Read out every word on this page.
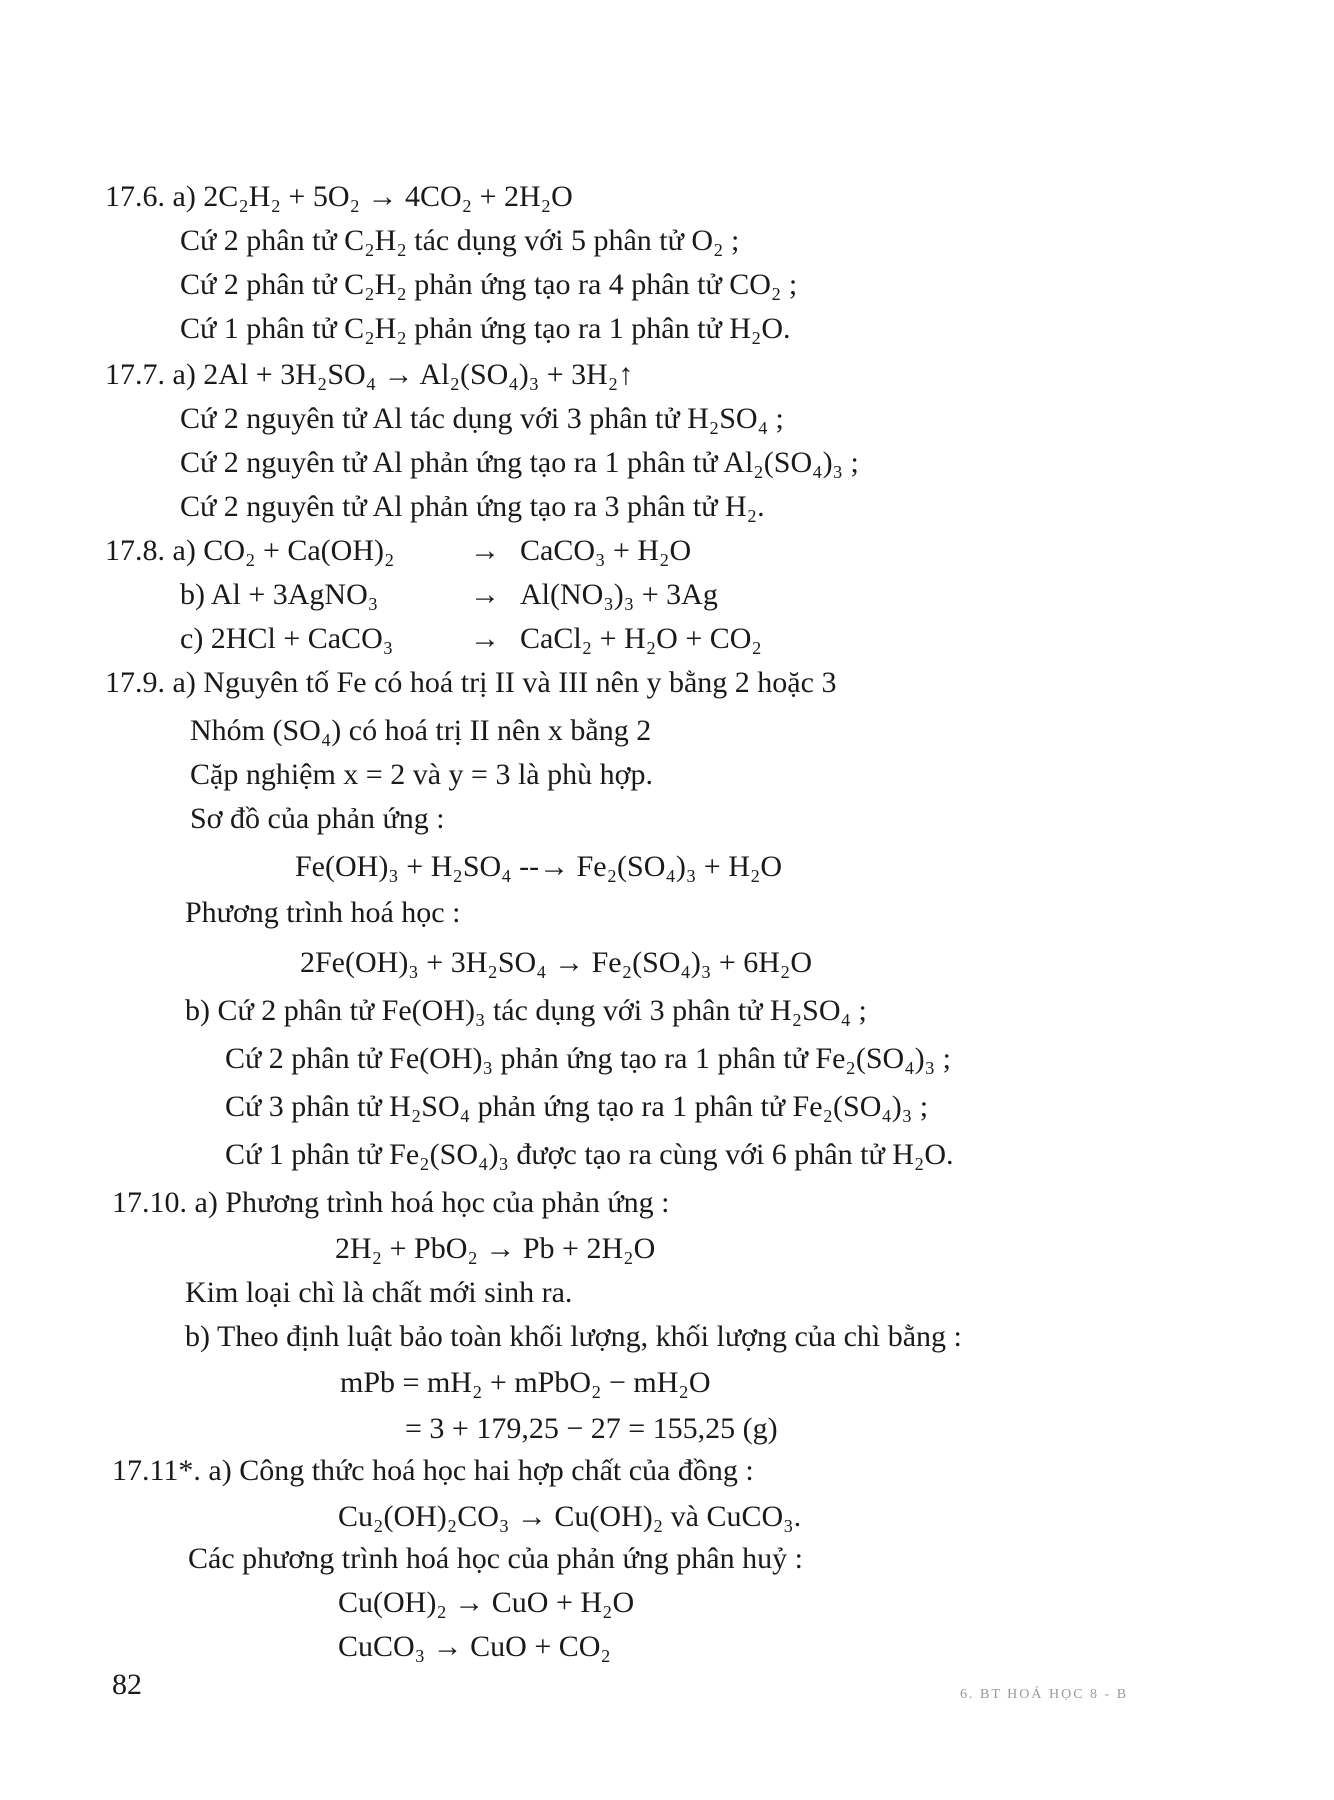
17.6. a) 2C₂H₂ + 5O₂ → 4CO₂ + 2H₂O
Cứ 2 phân tử C₂H₂ tác dụng với 5 phân tử O₂ ;
Cứ 2 phân tử C₂H₂ phản ứng tạo ra 4 phân tử CO₂ ;
Cứ 1 phân tử C₂H₂ phản ứng tạo ra 1 phân tử H₂O.
17.7. a) 2Al + 3H₂SO₄ → Al₂(SO₄)₃ + 3H₂↑
Cứ 2 nguyên tử Al tác dụng với 3 phân tử H₂SO₄ ;
Cứ 2 nguyên tử Al phản ứng tạo ra 1 phân tử Al₂(SO₄)₃ ;
Cứ 2 nguyên tử Al phản ứng tạo ra 3 phân tử H₂.
17.8. a) CO₂ + Ca(OH)₂	→ CaCO₃ + H₂O
b) Al + 3AgNO₃	→ Al(NO₃)₃ + 3Ag
c) 2HCl + CaCO₃	→ CaCl₂ + H₂O + CO₂
17.9. a) Nguyên tố Fe có hoá trị II và III nên y bằng 2 hoặc 3
Nhóm (SO₄) có hoá trị II nên x bằng 2
Cặp nghiệm x = 2 và y = 3 là phù hợp.
Sơ đồ của phản ứng :
Fe(OH)₃ + H₂SO₄ --→ Fe₂(SO₄)₃ + H₂O
Phương trình hoá học :
2Fe(OH)₃ + 3H₂SO₄ → Fe₂(SO₄)₃ + 6H₂O
b) Cứ 2 phân tử Fe(OH)₃ tác dụng với 3 phân tử H₂SO₄ ;
Cứ 2 phân tử Fe(OH)₃ phản ứng tạo ra 1 phân tử Fe₂(SO₄)₃ ;
Cứ 3 phân tử H₂SO₄ phản ứng tạo ra 1 phân tử Fe₂(SO₄)₃ ;
Cứ 1 phân tử Fe₂(SO₄)₃ được tạo ra cùng với 6 phân tử H₂O.
17.10. a) Phương trình hoá học của phản ứng :
2H₂ + PbO₂ → Pb + 2H₂O
Kim loại chì là chất mới sinh ra.
b) Theo định luật bảo toàn khối lượng, khối lượng của chì bằng :
mPb = mH₂ + mPbO₂ − mH₂O
= 3 + 179,25 − 27 = 155,25 (g)
17.11*. a) Công thức hoá học hai hợp chất của đồng :
Cu₂(OH)₂CO₃ → Cu(OH)₂ và CuCO₃.
Các phương trình hoá học của phản ứng phân huỷ :
Cu(OH)₂ → CuO + H₂O
CuCO₃ → CuO + CO₂
82	6. BT HOÁ HỌC 8 - B
